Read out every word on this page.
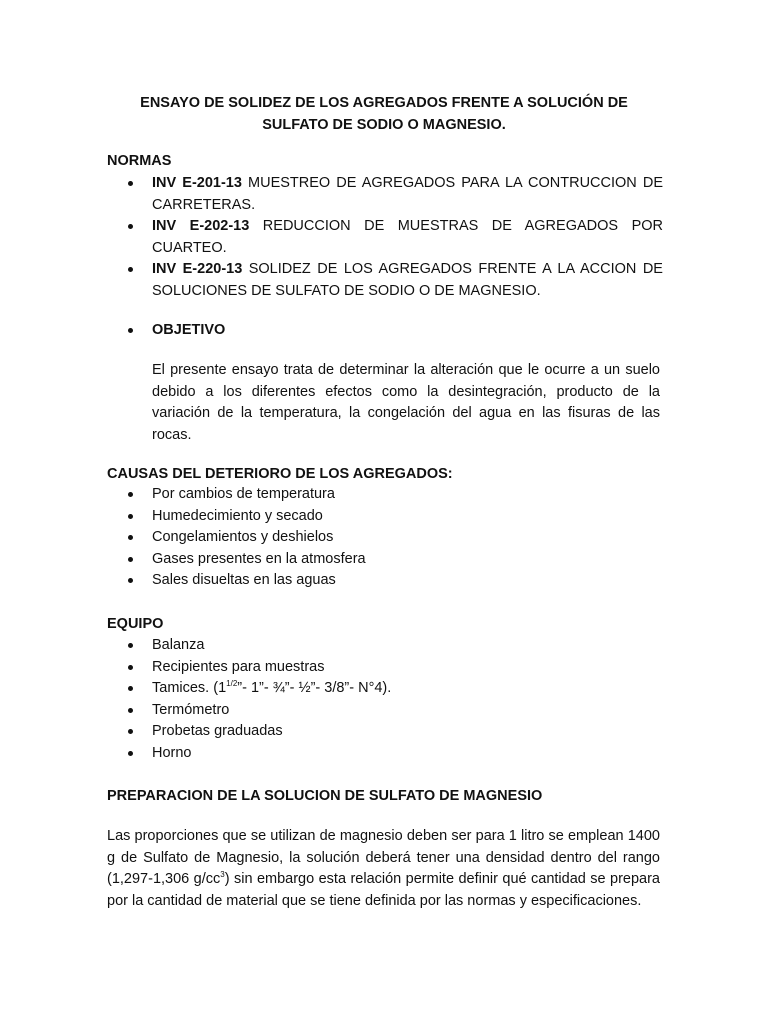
ENSAYO DE SOLIDEZ DE LOS AGREGADOS FRENTE A SOLUCIÓN DE
SULFATO DE SODIO O MAGNESIO.
NORMAS
INV E-201-13 MUESTREO DE AGREGADOS PARA LA CONTRUCCION DE CARRETERAS.
INV E-202-13 REDUCCION DE MUESTRAS DE AGREGADOS POR CUARTEO.
INV E-220-13 SOLIDEZ DE LOS AGREGADOS FRENTE A LA ACCION DE SOLUCIONES DE SULFATO DE SODIO O DE MAGNESIO.
OBJETIVO
El presente ensayo trata de determinar la alteración que le ocurre a un suelo debido a los diferentes efectos como la desintegración, producto de la variación de la temperatura, la congelación del agua en las fisuras de las rocas.
CAUSAS DEL DETERIORO DE LOS AGREGADOS:
Por cambios de temperatura
Humedecimiento y secado
Congelamientos y deshielos
Gases presentes en la atmosfera
Sales disueltas en las aguas
EQUIPO
Balanza
Recipientes para muestras
Tamices. ($1^{1/2}”-$ 1”- ¾”- ½”- 3/8”- N°4).
Termómetro
Probetas graduadas
Horno
PREPARACION DE LA SOLUCION DE SULFATO DE MAGNESIO
Las proporciones que se utilizan de magnesio deben ser para 1 litro se emplean 1400 g de Sulfato de Magnesio, la solución deberá tener una densidad dentro del rango (1,297-1,306 $g/cc^3$) sin embargo esta relación permite definir qué cantidad se prepara por la cantidad de material que se tiene definida por las normas y especificaciones.
